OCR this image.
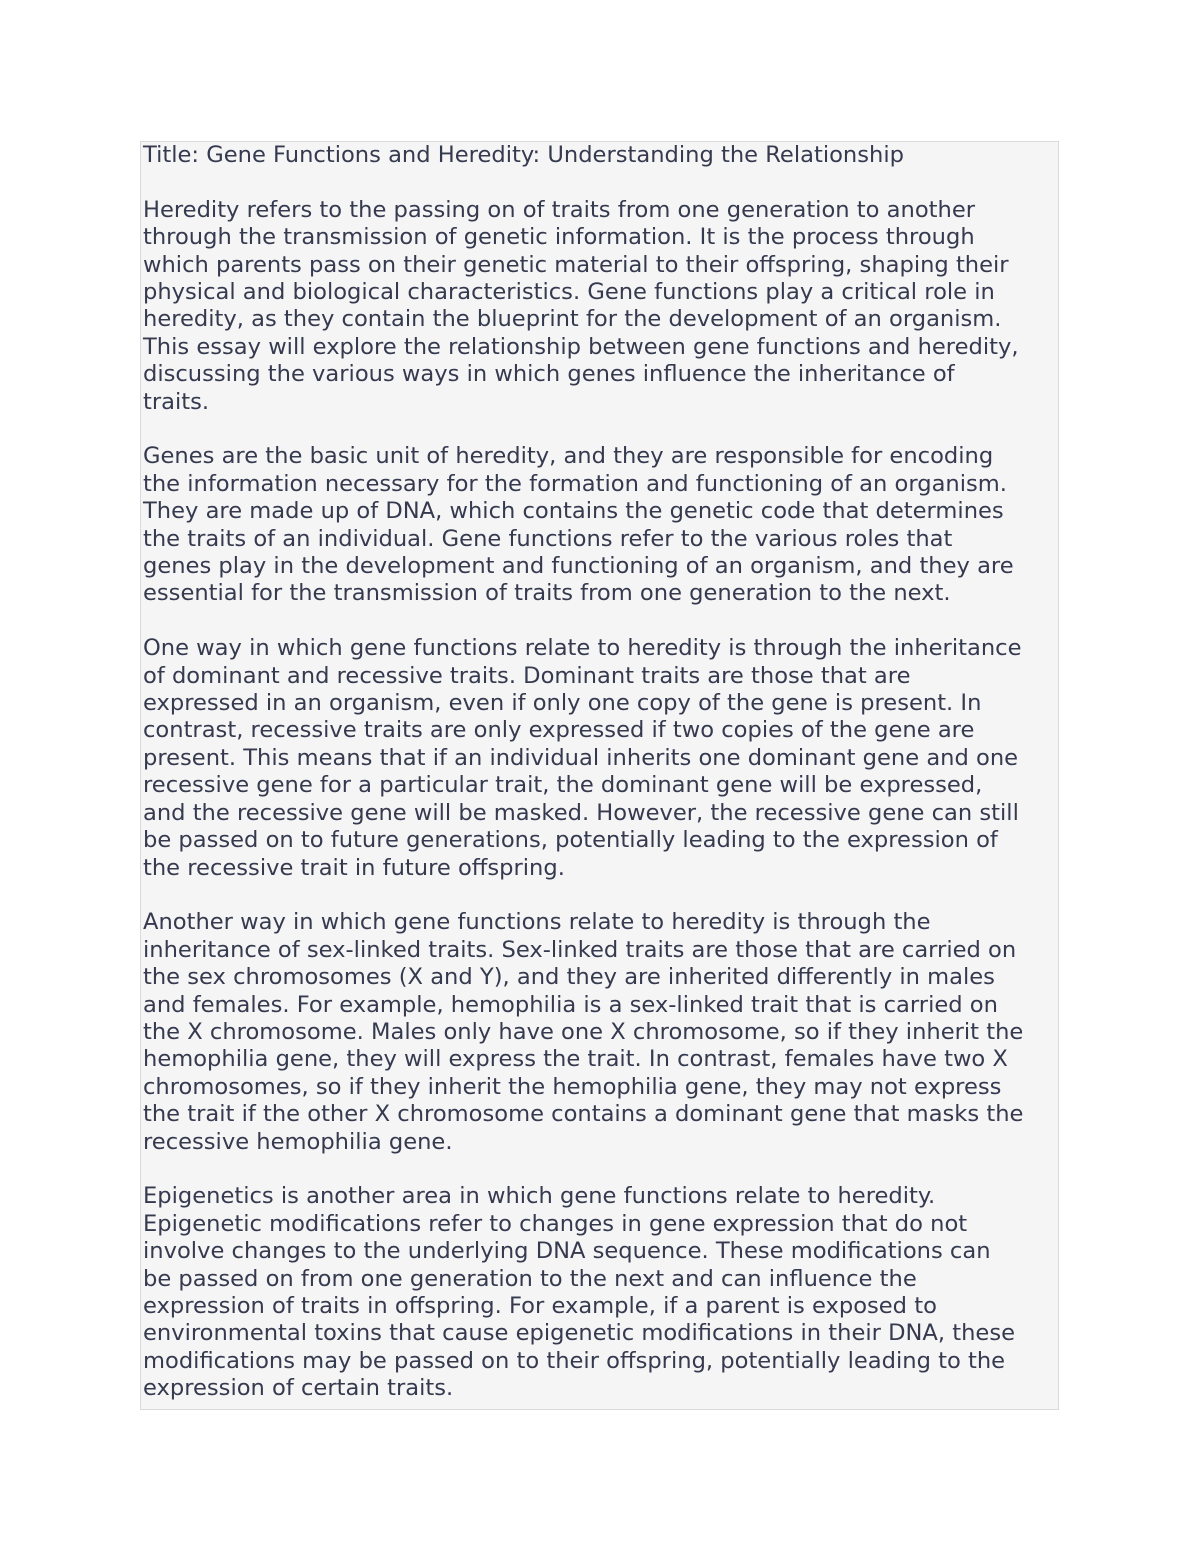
Title: Gene Functions and Heredity: Understanding the Relationship
Heredity refers to the passing on of traits from one generation to another
through the transmission of genetic information. It is the process through
which parents pass on their genetic material to their offspring, shaping their
physical and biological characteristics. Gene functions play a critical role in
heredity, as they contain the blueprint for the development of an organism.
This essay will explore the relationship between gene functions and heredity,
discussing the various ways in which genes influence the inheritance of
traits.
Genes are the basic unit of heredity, and they are responsible for encoding
the information necessary for the formation and functioning of an organism.
They are made up of DNA, which contains the genetic code that determines
the traits of an individual. Gene functions refer to the various roles that
genes play in the development and functioning of an organism, and they are
essential for the transmission of traits from one generation to the next.
One way in which gene functions relate to heredity is through the inheritance
of dominant and recessive traits. Dominant traits are those that are
expressed in an organism, even if only one copy of the gene is present. In
contrast, recessive traits are only expressed if two copies of the gene are
present. This means that if an individual inherits one dominant gene and one
recessive gene for a particular trait, the dominant gene will be expressed,
and the recessive gene will be masked. However, the recessive gene can still
be passed on to future generations, potentially leading to the expression of
the recessive trait in future offspring.
Another way in which gene functions relate to heredity is through the
inheritance of sex-linked traits. Sex-linked traits are those that are carried on
the sex chromosomes (X and Y), and they are inherited differently in males
and females. For example, hemophilia is a sex-linked trait that is carried on
the X chromosome. Males only have one X chromosome, so if they inherit the
hemophilia gene, they will express the trait. In contrast, females have two X
chromosomes, so if they inherit the hemophilia gene, they may not express
the trait if the other X chromosome contains a dominant gene that masks the
recessive hemophilia gene.
Epigenetics is another area in which gene functions relate to heredity.
Epigenetic modifications refer to changes in gene expression that do not
involve changes to the underlying DNA sequence. These modifications can
be passed on from one generation to the next and can influence the
expression of traits in offspring. For example, if a parent is exposed to
environmental toxins that cause epigenetic modifications in their DNA, these
modifications may be passed on to their offspring, potentially leading to the
expression of certain traits.
